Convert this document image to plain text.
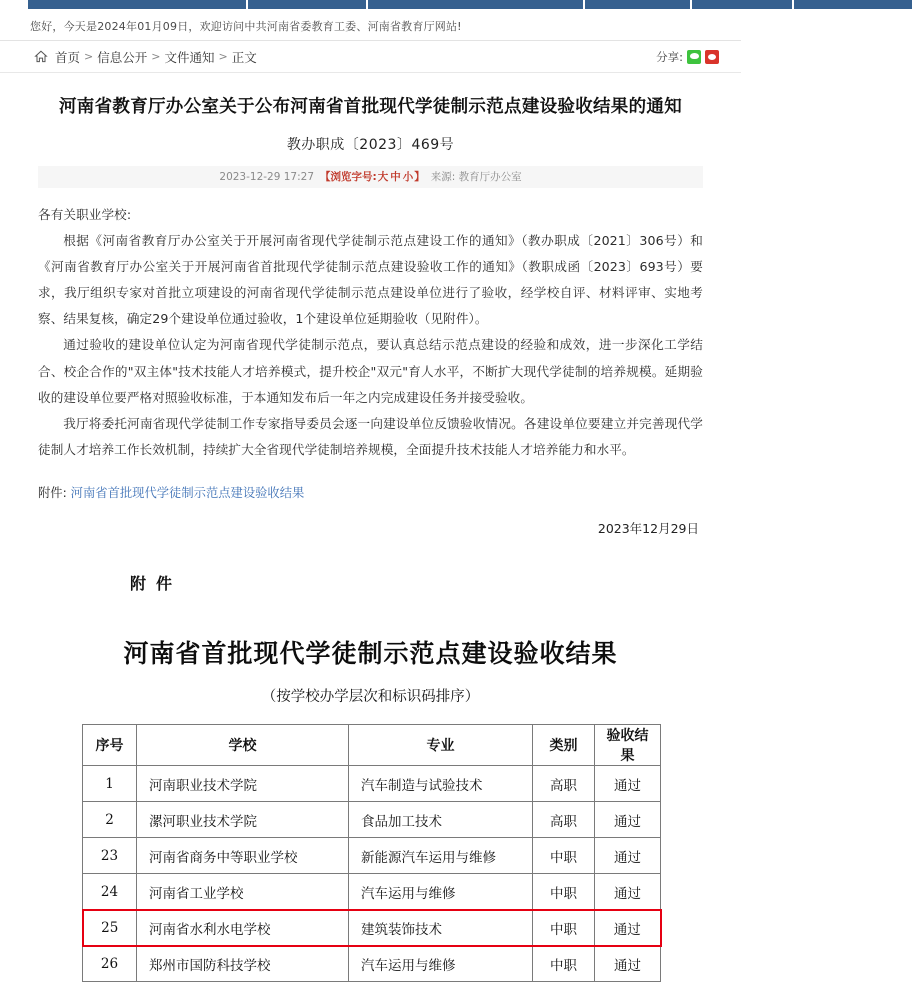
您好，今天是2024年01月09日，欢迎访问中共河南省委教育工委、河南省教育厅网站!
首页 > 信息公开 > 文件通知 > 正文	分享:
河南省教育厅办公室关于公布河南省首批现代学徒制示范点建设验收结果的通知
教办职成〔2023〕469号
2023-12-29 17:27 【浏览字号:大 中 小】 来源: 教育厅办公室

各有关职业学校:

根据《河南省教育厅办公室关于开展河南省现代学徒制示范点建设工作的通知》（教办职成〔2021〕306号）和《河南省教育厅办公室关于开展河南省首批现代学徒制示范点建设验收工作的通知》（教职成函〔2023〕693号）要求，我厅组织专家对首批立项建设的河南省现代学徒制示范点建设单位进行了验收，经学校自评、材料评审、实地考察、结果复核，确定29个建设单位通过验收，1个建设单位延期验收（见附件）。

通过验收的建设单位认定为河南省现代学徒制示范点，要认真总结示范点建设的经验和成效，进一步深化工学结合、校企合作的"双主体"技术技能人才培养模式，提升校企"双元"育人水平，不断扩大现代学徒制的培养规模。延期验收的建设单位要严格对照验收标准，于本通知发布后一年之内完成建设任务并接受验收。

我厅将委托河南省现代学徒制工作专家指导委员会逐一向建设单位反馈验收情况。各建设单位要建立并完善现代学徒制人才培养工作长效机制，持续扩大全省现代学徒制培养规模，全面提升技术技能人才培养能力和水平。

附件: 河南省首批现代学徒制示范点建设验收结果
2023年12月29日
附件
河南省首批现代学徒制示范点建设验收结果
（按学校办学层次和标识码排序）
序号	学校	专业	类别	验收结果
1	河南职业技术学院	汽车制造与试验技术	高职	通过
2	漯河职业技术学院	食品加工技术	高职	通过
23	河南省商务中等职业学校	新能源汽车运用与维修	中职	通过
24	河南省工业学校	汽车运用与维修	中职	通过
25	河南省水利水电学校	建筑装饰技术	中职	通过
26	郑州市国防科技学校	汽车运用与维修	中职	通过
